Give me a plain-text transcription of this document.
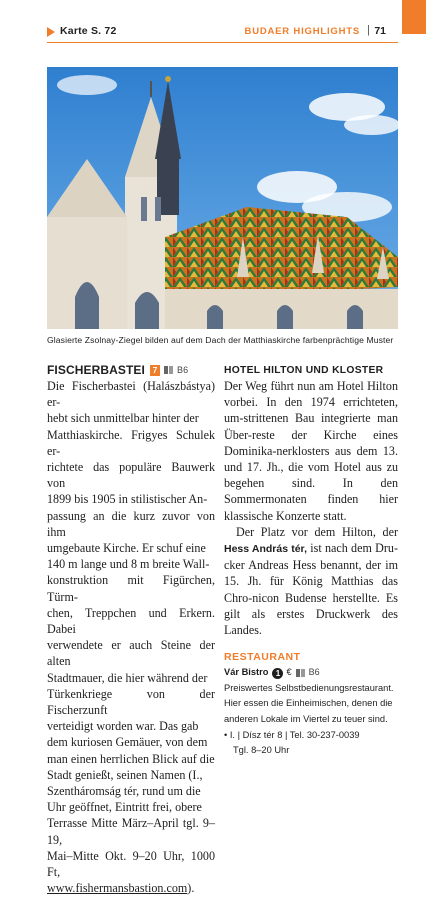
Karte S. 72	BUDAER HIGHLIGHTS | 71
Glasierte Zsolnay-Ziegel bilden auf dem Dach der Matthiaskirche farbenprächtige Muster
FISCHERBASTEI 7 B6
Die Fischerbastei (Halászbástya) er-
hebt sich unmittelbar hinter der
Matthiaskirche. Frigyes Schulek er-
richtete das populäre Bauwerk von
1899 bis 1905 in stilistischer An-
passung an die kurz zuvor von ihm
umgebaute Kirche. Er schuf eine
140 m lange und 8 m breite Wall-
konstruktion mit Figürchen, Türm-
chen, Treppchen und Erkern. Dabei
verwendete er auch Steine der alten
Stadtmauer, die hier während der
Türkenkriege von der Fischerzunft
verteidigt worden war. Das gab
dem kuriosen Gemäuer, von dem
man einen herrlichen Blick auf die
Stadt genießt, seinen Namen (I.,
Szentháromság tér, rund um die
Uhr geöffnet, Eintritt frei, obere
Terrasse Mitte März–April tgl. 9–19,
Mai–Mitte Okt. 9–20 Uhr, 1000 Ft,
www.fishermansbastion.com).
HOTEL HILTON UND KLOSTER

Der Weg führt nun am Hotel Hilton vorbei. In den 1974 errichteten, um-strittenen Bau integrierte man Über-reste der Kirche eines Dominika-nerklosters aus dem 13. und 17. Jh., die vom Hotel aus zu begehen sind. In den Sommermonaten finden hier klassische Konzerte statt.

Der Platz vor dem Hilton, der Hess András tér, ist nach dem Dru-cker Andreas Hess benannt, der im 15. Jh. für König Matthias das Chro-nicon Budense herstellte. Es gilt als erstes Druckwerk des Landes.

RESTAURANT
Vár Bistro 1 € B6
Preiswertes Selbstbedienungsrestaurant.
Hier essen die Einheimischen, denen die
anderen Lokale im Viertel zu teuer sind.
• I. | Dísz tér 8 | Tel. 30-237-0039
Tgl. 8–20 Uhr
